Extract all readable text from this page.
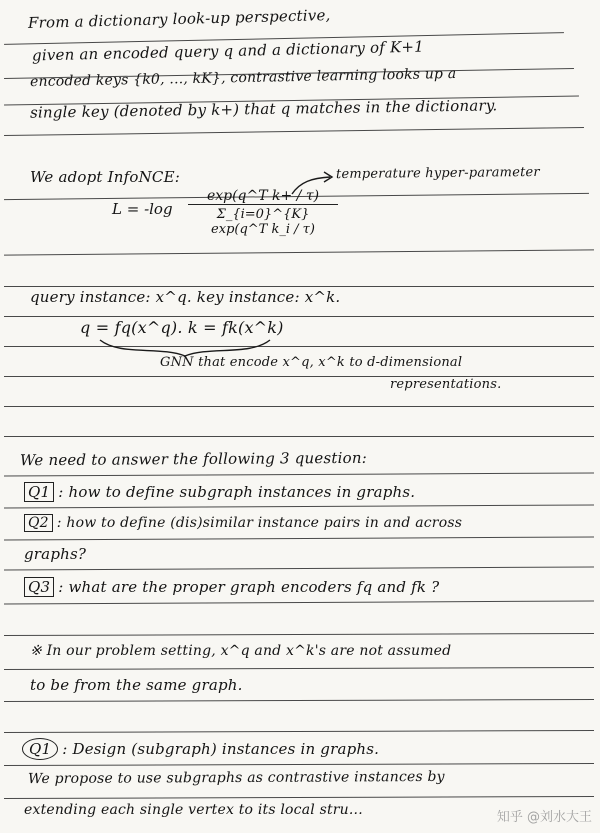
From a dictionary look-up perspective,
given an encoded query q and a dictionary of K+1
encoded keys {k0, ..., kK}, contrastive learning looks up a
single key (denoted by k+) that q matches in the dictionary.
We adopt InfoNCE:	temperature hyper-parameter
$L = -\log \frac{\text{exp(q\textasciicircum{}T k+ / τ)}}{\text{Σ\_\{i=0\}\textasciicircum{}\{K\} exp(q\textasciicircum{}T k\_i / τ)}}$
query instance: x^q. key instance: x^k.
q = fq(x^q). k = fk(x^k)
GNN that encode x^q, x^k to d-dimensional
representations.
We need to answer the following 3 question:
Q1 : how to define subgraph instances in graphs.
Q2 : how to define (dis)similar instance pairs in and across
graphs?
Q3 : what are the proper graph encoders fq and fk ?
※ In our problem setting, x^q and x^k's are not assumed
to be from the same graph.
Q1 : Design (subgraph) instances in graphs.
We propose to use subgraphs as contrastive instances by
extending each single vertex to its local stru...	知乎 @刘水大王
